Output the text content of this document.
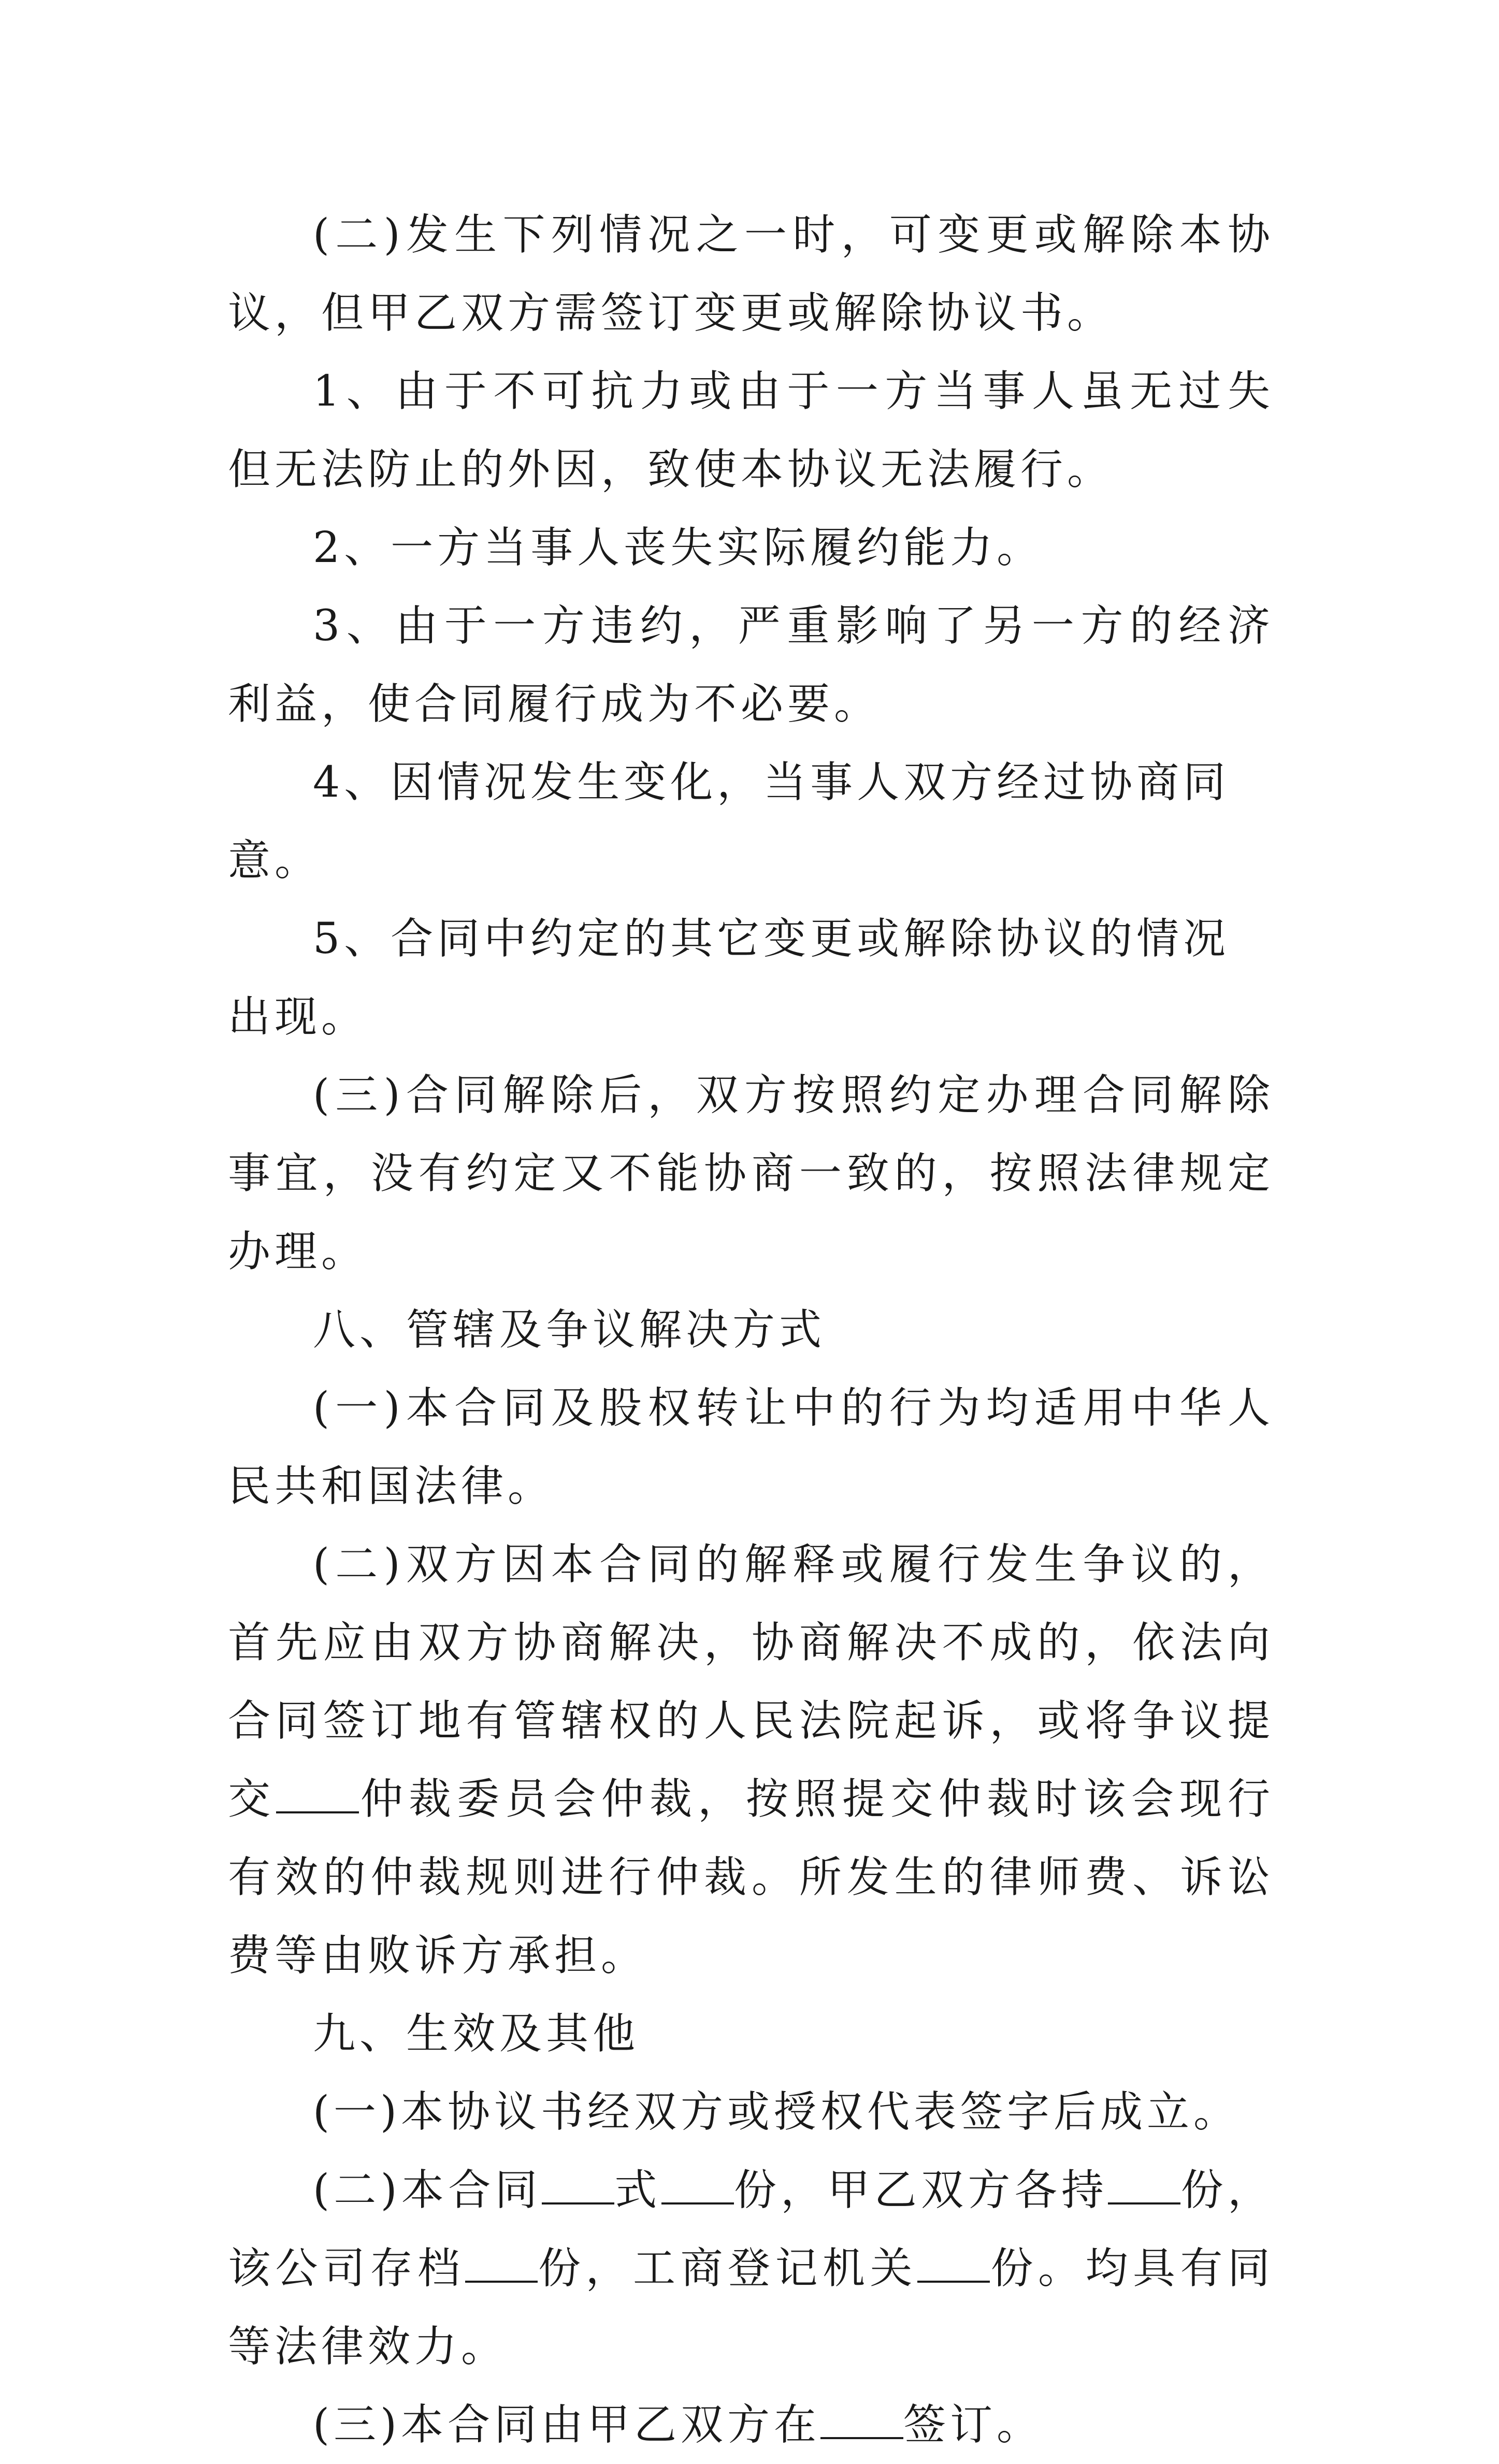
(二)发生下列情况之一时，可变更或解除本协议，但甲乙双方需签订变更或解除协议书。

1、由于不可抗力或由于一方当事人虽无过失但无法防止的外因，致使本协议无法履行。

2、一方当事人丧失实际履约能力。

3、由于一方违约，严重影响了另一方的经济利益，使合同履行成为不必要。

4、因情况发生变化，当事人双方经过协商同意。

5、合同中约定的其它变更或解除协议的情况出现。

(三)合同解除后，双方按照约定办理合同解除事宜，没有约定又不能协商一致的，按照法律规定办理。

八、管辖及争议解决方式

(一)本合同及股权转让中的行为均适用中华人民共和国法律。

(二)双方因本合同的解释或履行发生争议的，首先应由双方协商解决，协商解决不成的，依法向合同签订地有管辖权的人民法院起诉，或将争议提交 仲裁委员会仲裁，按照提交仲裁时该会现行有效的仲裁规则进行仲裁。所发生的律师费、诉讼费等由败诉方承担。

九、生效及其他

(一)本协议书经双方或授权代表签字后成立。

(二)本合同 式 份，甲乙双方各持 份，该公司存档 份，工商登记机关 份。均具有同等法律效力。

(三)本合同由甲乙双方在 签订。
